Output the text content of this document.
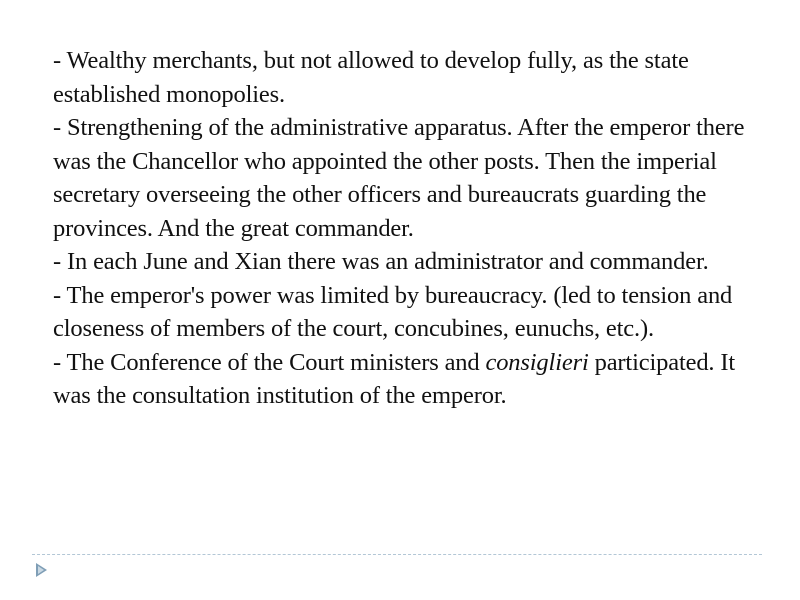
- Wealthy merchants, but not allowed to develop fully, as the state established monopolies.

- Strengthening of the administrative apparatus. After the emperor there was the Chancellor who appointed the other posts. Then the imperial secretary overseeing the other officers and bureaucrats guarding the provinces. And the great commander.

- In each June and Xian there was an administrator and commander.

- The emperor's power was limited by bureaucracy. (led to tension and closeness of members of the court, concubines, eunuchs, etc.).

- The Conference of the Court ministers and consiglieri participated. It was the consultation institution of the emperor.
